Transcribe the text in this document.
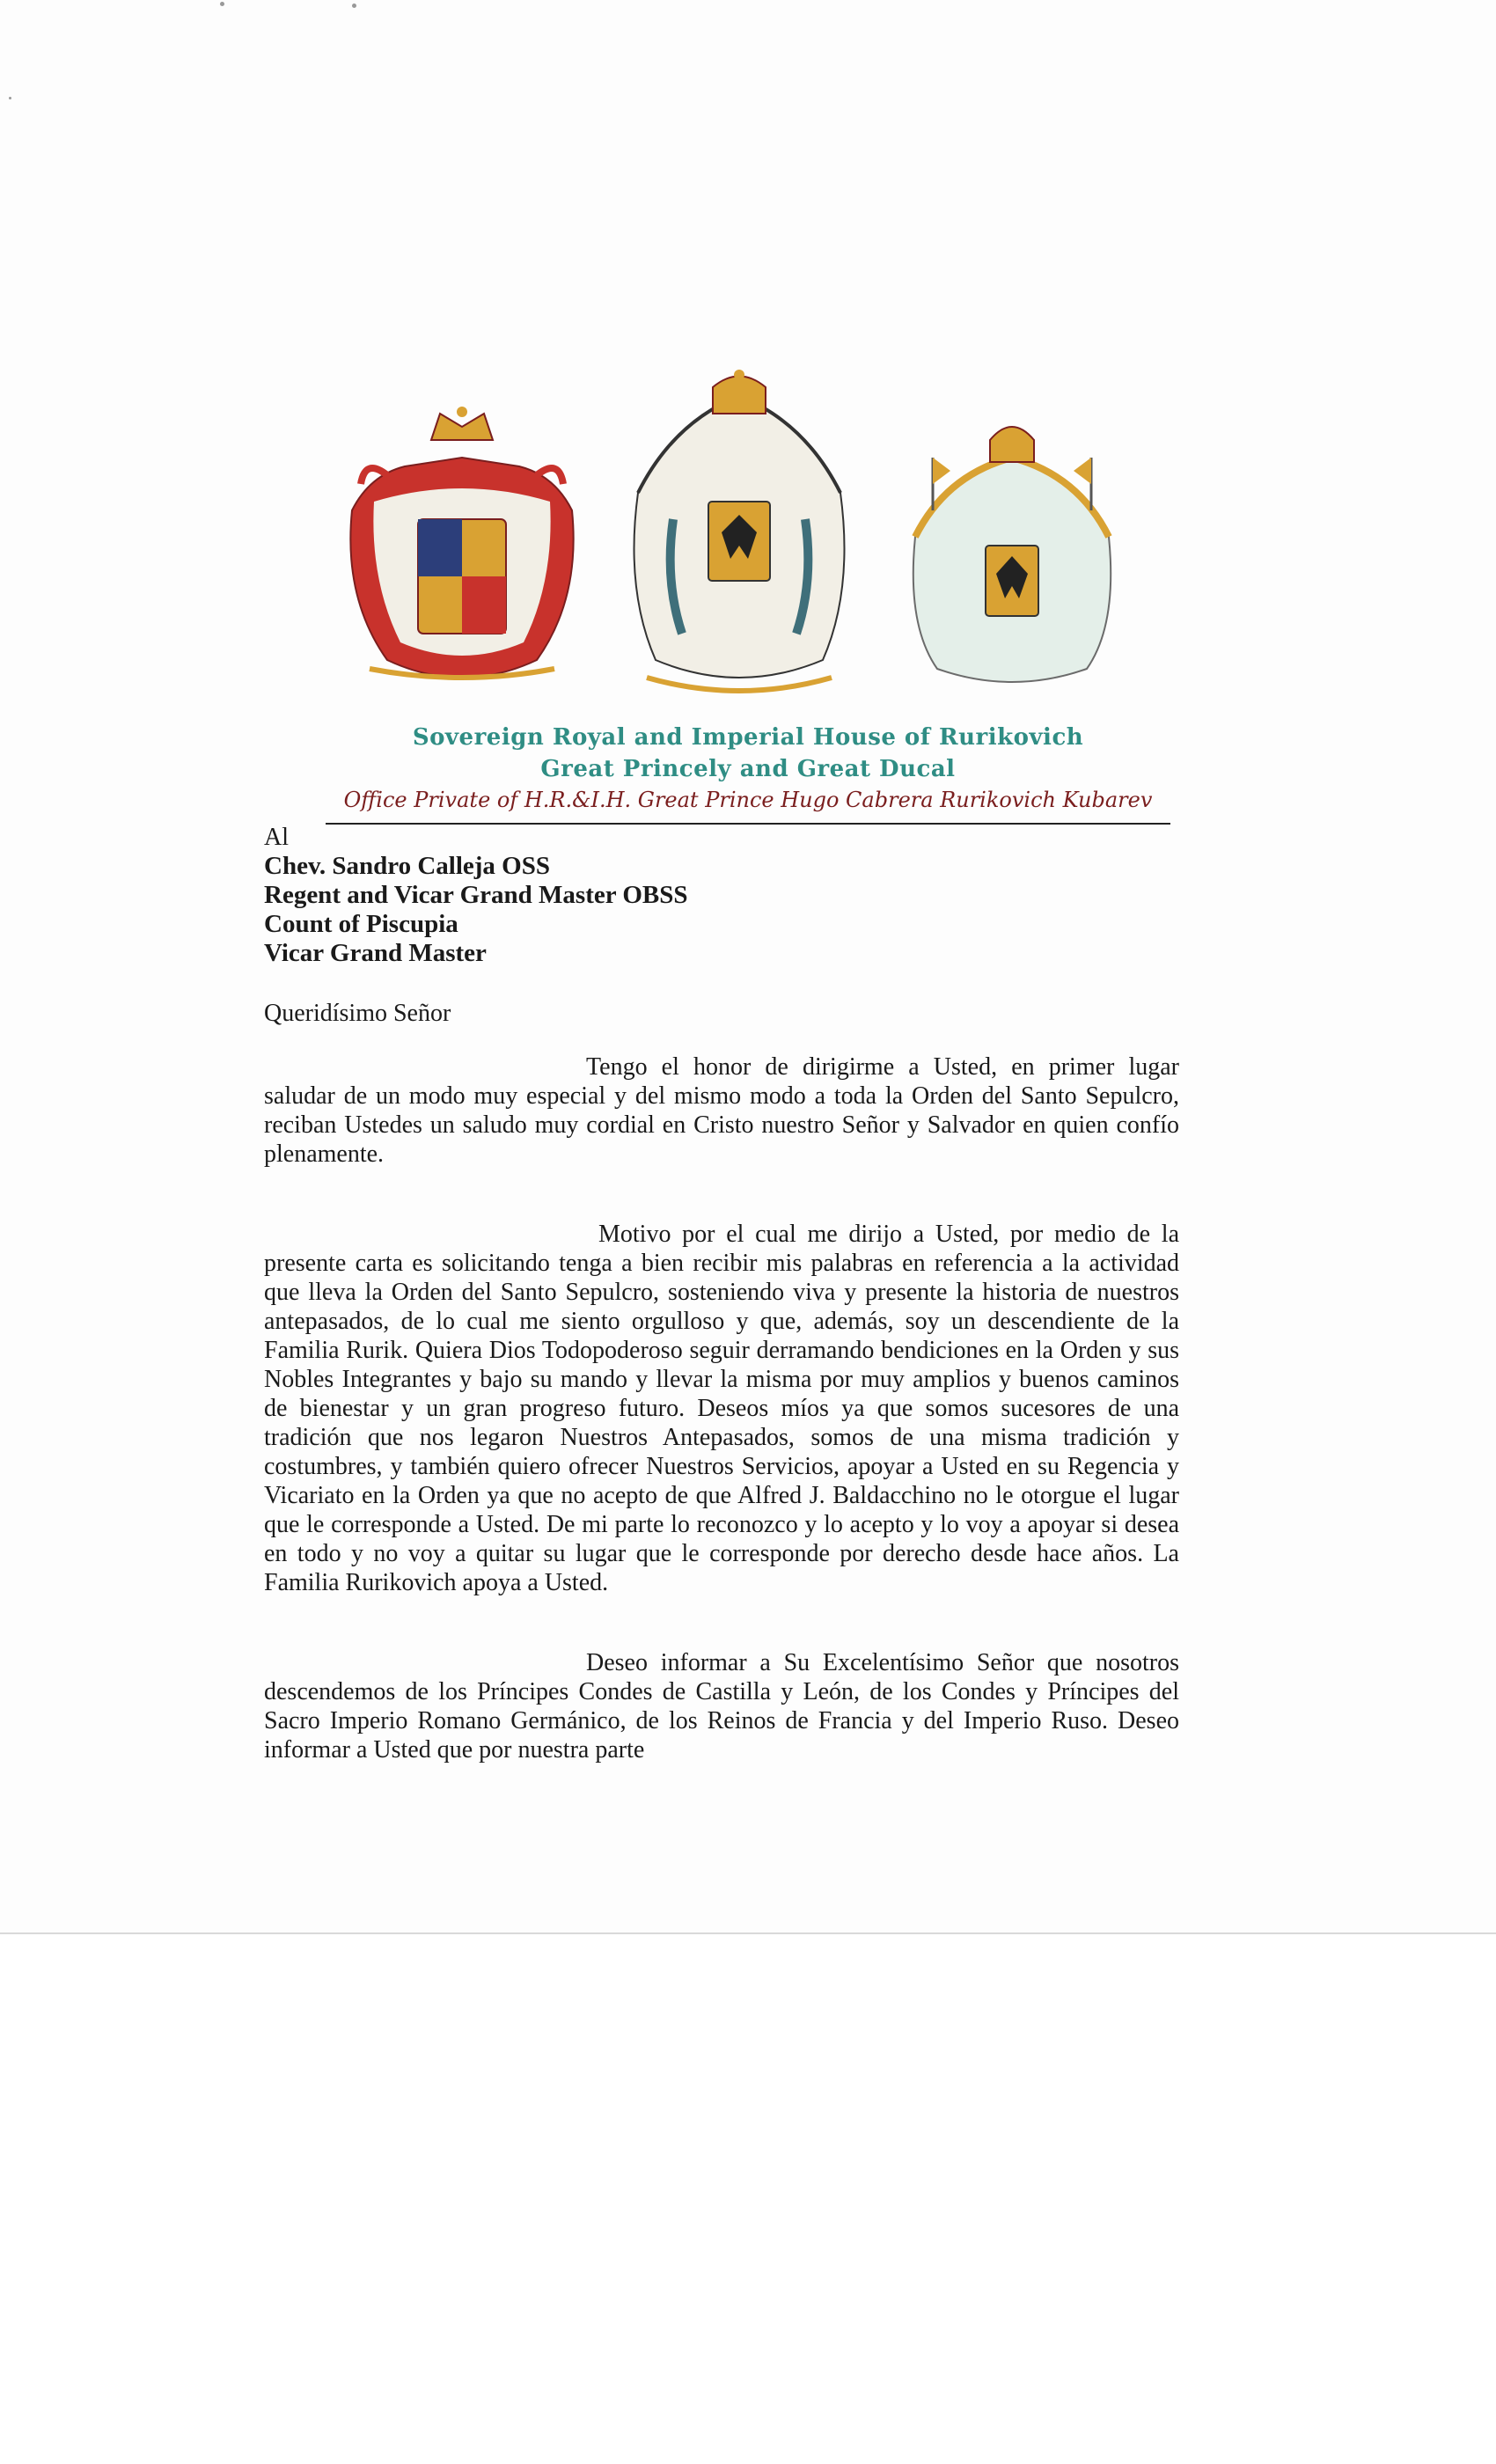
Sovereign Royal and Imperial House of Rurikovich
Great Princely and Great Ducal
Office Private of H.R.&I.H. Great Prince Hugo Cabrera Rurikovich Kubarev

Al

Chev. Sandro Calleja OSS

Regent and Vicar Grand Master OBSS

Count of Piscupia

Vicar Grand Master

Queridísimo Señor

Tengo el honor de dirigirme a Usted, en primer lugar saludar de un modo muy especial y del mismo modo a toda la Orden del Santo Sepulcro, reciban Ustedes un saludo muy cordial en Cristo nuestro Señor y Salvador en quien confío plenamente.

Motivo por el cual me dirijo a Usted, por medio de la presente carta es solicitando tenga a bien recibir mis palabras en referencia a la actividad que lleva la Orden del Santo Sepulcro, sosteniendo viva y presente la historia de nuestros antepasados, de lo cual me siento orgulloso y que, además, soy un descendiente de la Familia Rurik. Quiera Dios Todopoderoso seguir derramando bendiciones en la Orden y sus Nobles Integrantes y bajo su mando y llevar la misma por muy amplios y buenos caminos de bienestar y un gran progreso futuro. Deseos míos ya que somos sucesores de una tradición que nos legaron Nuestros Antepasados, somos de una misma tradición y costumbres, y también quiero ofrecer Nuestros Servicios, apoyar a Usted en su Regencia y Vicariato en la Orden ya que no acepto de que Alfred J. Baldacchino no le otorgue el lugar que le corresponde a Usted. De mi parte lo reconozco y lo acepto y lo voy a apoyar si desea en todo y no voy a quitar su lugar que le corresponde por derecho desde hace años. La Familia Rurikovich apoya a Usted.

Deseo informar a Su Excelentísimo Señor que nosotros descendemos de los Príncipes Condes de Castilla y León, de los Condes y Príncipes del Sacro Imperio Romano Germánico, de los Reinos de Francia y del Imperio Ruso. Deseo informar a Usted que por nuestra parte
